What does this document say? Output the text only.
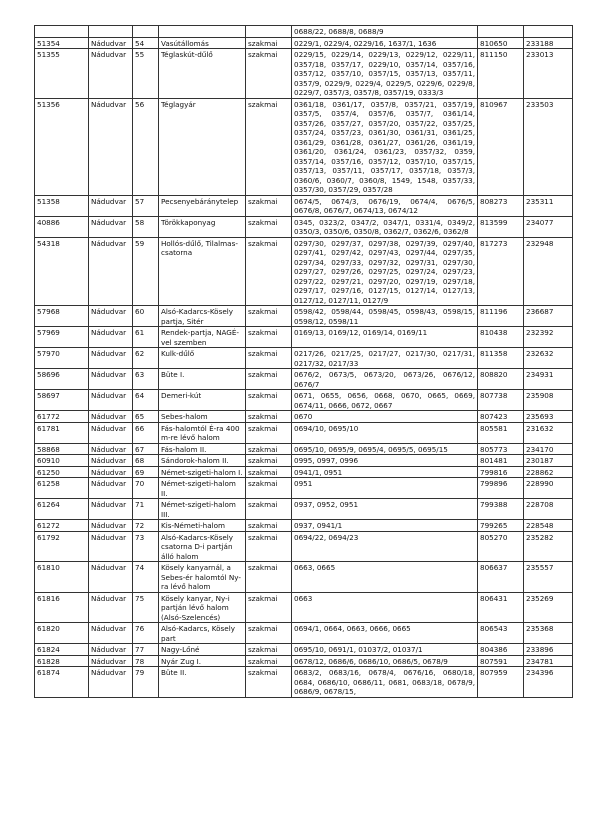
					0688/22, 0688/8, 0688/9		
51354	Nádudvar	54	Vasútállomás	szakmai	0229/1, 0229/4, 0229/16, 1637/1, 1636	810650	233188
51355	Nádudvar	55	Téglaskút-dűlő	szakmai	0229/15, 0229/14, 0229/13, 0229/12, 0229/11, 0357/18, 0357/17, 0229/10, 0357/14, 0357/16, 0357/12, 0357/10, 0357/15, 0357/13, 0357/11, 0357/9, 0229/9, 0229/4, 0229/5, 0229/6, 0229/8, 0229/7, 0357/3, 0357/8, 0357/19, 0333/3	811150	233013
51356	Nádudvar	56	Téglagyár	szakmai	0361/18, 0361/17, 0357/8, 0357/21, 0357/19, 0357/5, 0357/4, 0357/6, 0357/7, 0361/14, 0357/26, 0357/27, 0357/20, 0357/22, 0357/25, 0357/24, 0357/23, 0361/30, 0361/31, 0361/25, 0361/29, 0361/28, 0361/27, 0361/26, 0361/19, 0361/20, 0361/24, 0361/23, 0357/32, 0359, 0357/14, 0357/16, 0357/12, 0357/10, 0357/15, 0357/13, 0357/11, 0357/17, 0357/18, 0357/3, 0360/6, 0360/7, 0360/8, 1549, 1548, 0357/33, 0357/30, 0357/29, 0357/28	810967	233503
51358	Nádudvar	57	Pecsenyebárányteleр	szakmai	0674/5, 0674/3, 0676/19, 0674/4, 0676/5, 0676/8, 0676/7, 0674/13, 0674/12	808273	235311
40886	Nádudvar	58	Törökkaponyag	szakmai	0345, 0323/2, 0347/2, 0347/1, 0331/4, 0349/2, 0350/3, 0350/6, 0350/8, 0362/7, 0362/6, 0362/8	813599	234077
54318	Nádudvar	59	Hollós-dűlő, Tilalmas-csatorna	szakmai	0297/30, 0297/37, 0297/38, 0297/39, 0297/40, 0297/41, 0297/42, 0297/43, 0297/44, 0297/35, 0297/34, 0297/33, 0297/32, 0297/31, 0297/30, 0297/27, 0297/26, 0297/25, 0297/24, 0297/23, 0297/22, 0297/21, 0297/20, 0297/19, 0297/18, 0297/17, 0297/16, 0127/15, 0127/14, 0127/13, 0127/12, 0127/11, 0127/9	817273	232948
57968	Nádudvar	60	Alsó-Kadarcs-Kösely partja, Sitér	szakmai	0598/42, 0598/44, 0598/45, 0598/43, 0598/15, 0598/12, 0598/11	811196	236687
57969	Nádudvar	61	Rendek-partja, NAGÉ-vel szemben	szakmai	0169/13, 0169/12, 0169/14, 0169/11	810438	232392
57970	Nádudvar	62	Kulk-dűlő	szakmai	0217/26, 0217/25, 0217/27, 0217/30, 0217/31, 0217/32, 0217/33	811358	232632
58696	Nádudvar	63	Büte I.	szakmai	0676/2, 0673/5, 0673/20, 0673/26, 0676/12, 0676/7	808820	234931
58697	Nádudvar	64	Demeri-kút	szakmai	0671, 0655, 0656, 0668, 0670, 0665, 0669, 0674/11, 0666, 0672, 0667	807738	235908
61772	Nádudvar	65	Sebes-halom	szakmai	0670	807423	235693
61781	Nádudvar	66	Fás-halomtól É-ra 400 m-re lévő halom	szakmai	0694/10, 0695/10	805581	231632
58868	Nádudvar	67	Fás-halom II.	szakmai	0695/10, 0695/9, 0695/4, 0695/5, 0695/15	805773	234170
60910	Nádudvar	68	Sándorok-halom II.	szakmai	0995, 0997, 0996	801481	230187
61250	Nádudvar	69	Német-szigeti-halom I.	szakmai	0941/1, 0951	799816	228862
61258	Nádudvar	70	Német-szigeti-halom II.	szakmai	0951	799896	228990
61264	Nádudvar	71	Német-szigeti-halom III.	szakmai	0937, 0952, 0951	799388	228708
61272	Nádudvar	72	Kis-Németi-halom	szakmai	0937, 0941/1	799265	228548
61792	Nádudvar	73	Alsó-Kadarcs-Kösely csatorna D-i partján álló halom	szakmai	0694/22, 0694/23	805270	235282
61810	Nádudvar	74	Kösely kanyarnál, a Sebes-ér halomtól Ny-ra lévő halom	szakmai	0663, 0665	806637	235557
61816	Nádudvar	75	Kösely kanyar, Ny-i partján lévő halom (Alsó-Szelencés)	szakmai	0663	806431	235269
61820	Nádudvar	76	Alsó-Kadarcs, Kösely part	szakmai	0694/1, 0664, 0663, 0666, 0665	806543	235368
61824	Nádudvar	77	Nagy-Lőné	szakmai	0695/10, 0691/1, 01037/2, 01037/1	804386	233896
61828	Nádudvar	78	Nyár Zug I.	szakmai	0678/12, 0686/6, 0686/10, 0686/5, 0678/9	807591	234781
61874	Nádudvar	79	Büte II.	szakmai	0683/2, 0683/16, 0678/4, 0676/16, 0680/18, 0684, 0686/10, 0686/11, 0681, 0683/18, 0678/9, 0686/9, 0678/15,	807959	234396
